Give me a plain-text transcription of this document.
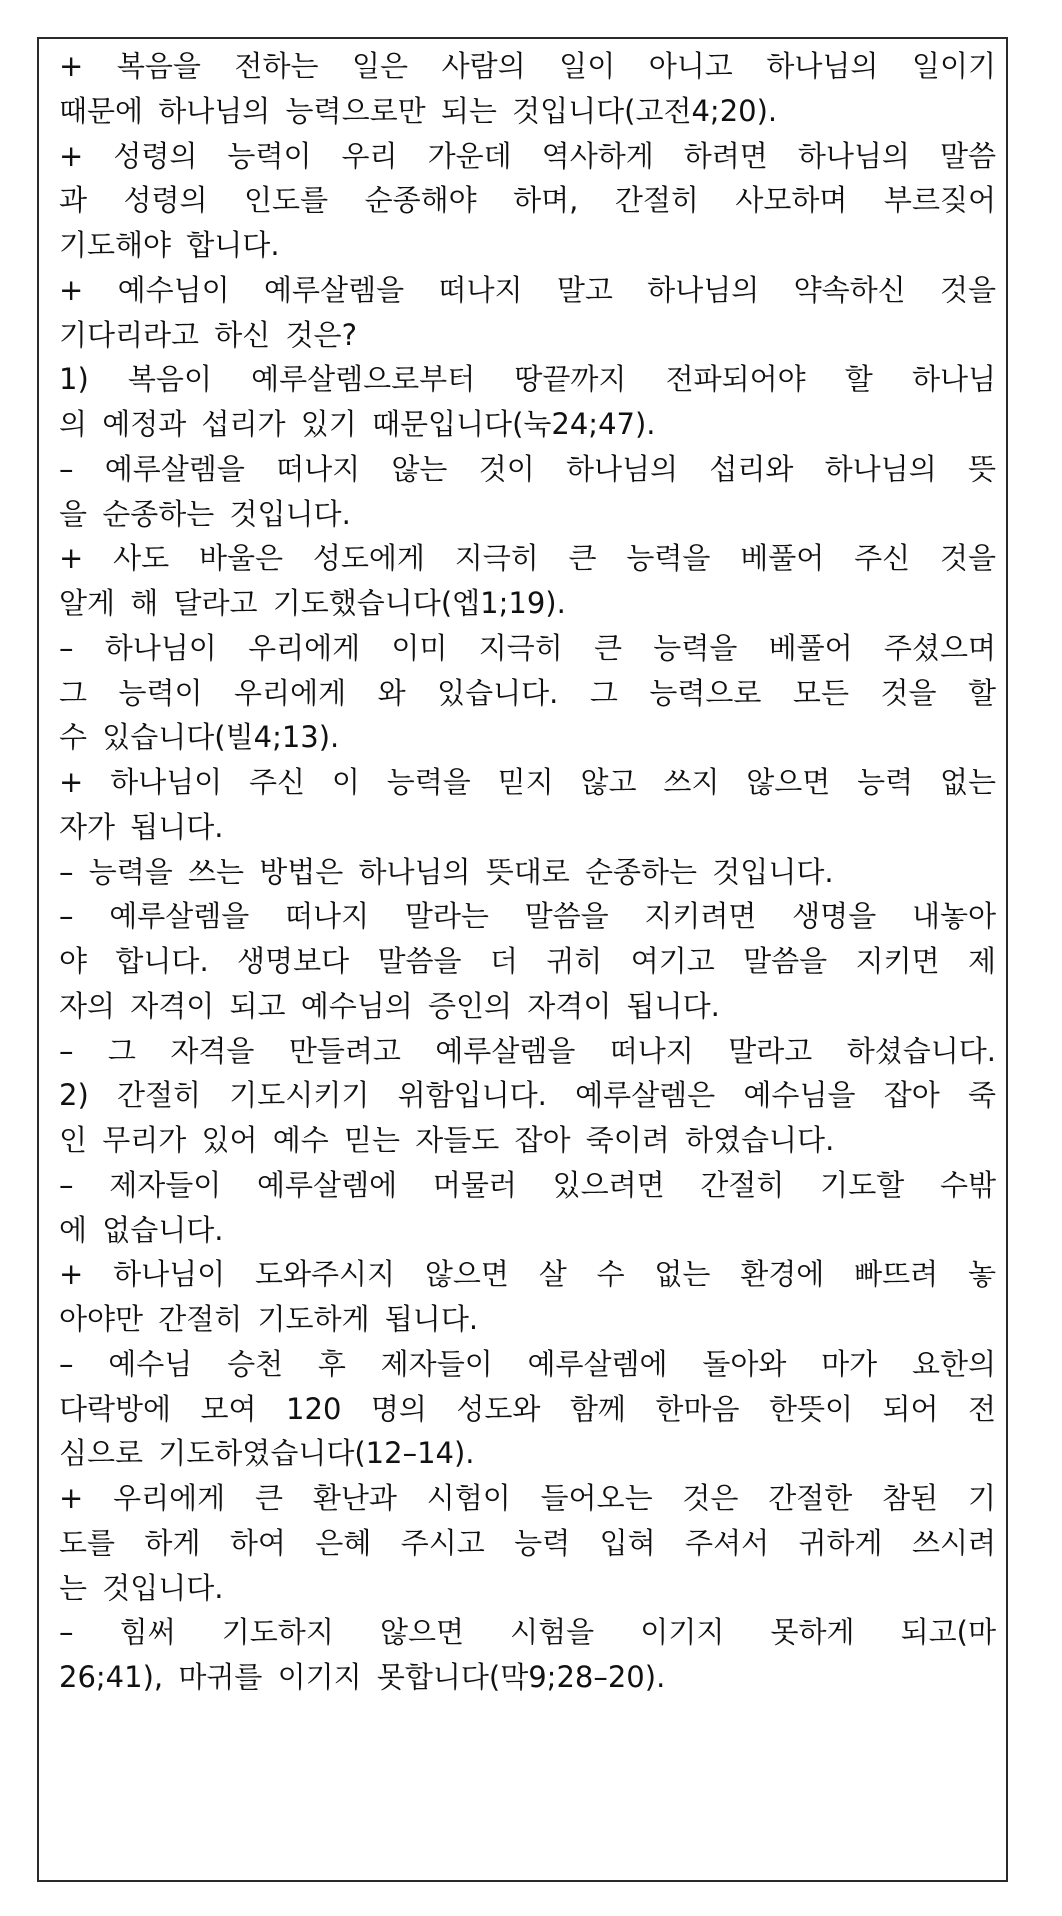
+ 복음을 전하는 일은 사람의 일이 아니고 하나님의 일이기
때문에 하나님의 능력으로만 되는 것입니다(고전4;20).
+ 성령의 능력이 우리 가운데 역사하게 하려면 하나님의 말씀
과 성령의 인도를 순종해야 하며, 간절히 사모하며 부르짖어
기도해야 합니다.
+ 예수님이 예루살렘을 떠나지 말고 하나님의 약속하신 것을
기다리라고 하신 것은?
1) 복음이 예루살렘으로부터 땅끝까지 전파되어야 할 하나님
의 예정과 섭리가 있기 때문입니다(눅24;47).
– 예루살렘을 떠나지 않는 것이 하나님의 섭리와 하나님의 뜻
을 순종하는 것입니다.
+ 사도 바울은 성도에게 지극히 큰 능력을 베풀어 주신 것을
알게 해 달라고 기도했습니다(엡1;19).
– 하나님이 우리에게 이미 지극히 큰 능력을 베풀어 주셨으며
그 능력이 우리에게 와 있습니다. 그 능력으로 모든 것을 할
수 있습니다(빌4;13).
+ 하나님이 주신 이 능력을 믿지 않고 쓰지 않으면 능력 없는
자가 됩니다.
– 능력을 쓰는 방법은 하나님의 뜻대로 순종하는 것입니다.
– 예루살렘을 떠나지 말라는 말씀을 지키려면 생명을 내놓아
야 합니다. 생명보다 말씀을 더 귀히 여기고 말씀을 지키면 제
자의 자격이 되고 예수님의 증인의 자격이 됩니다.
– 그 자격을 만들려고 예루살렘을 떠나지 말라고 하셨습니다.
2) 간절히 기도시키기 위함입니다. 예루살렘은 예수님을 잡아 죽
인 무리가 있어 예수 믿는 자들도 잡아 죽이려 하였습니다.
– 제자들이 예루살렘에 머물러 있으려면 간절히 기도할 수밖
에 없습니다.
+ 하나님이 도와주시지 않으면 살 수 없는 환경에 빠뜨려 놓
아야만 간절히 기도하게 됩니다.
– 예수님 승천 후 제자들이 예루살렘에 돌아와 마가 요한의
다락방에 모여 120 명의 성도와 함께 한마음 한뜻이 되어 전
심으로 기도하였습니다(12–14).
+ 우리에게 큰 환난과 시험이 들어오는 것은 간절한 참된 기
도를 하게 하여 은혜 주시고 능력 입혀 주셔서 귀하게 쓰시려
는 것입니다.
– 힘써 기도하지 않으면 시험을 이기지 못하게 되고(마
26;41), 마귀를 이기지 못합니다(막9;28–20).
